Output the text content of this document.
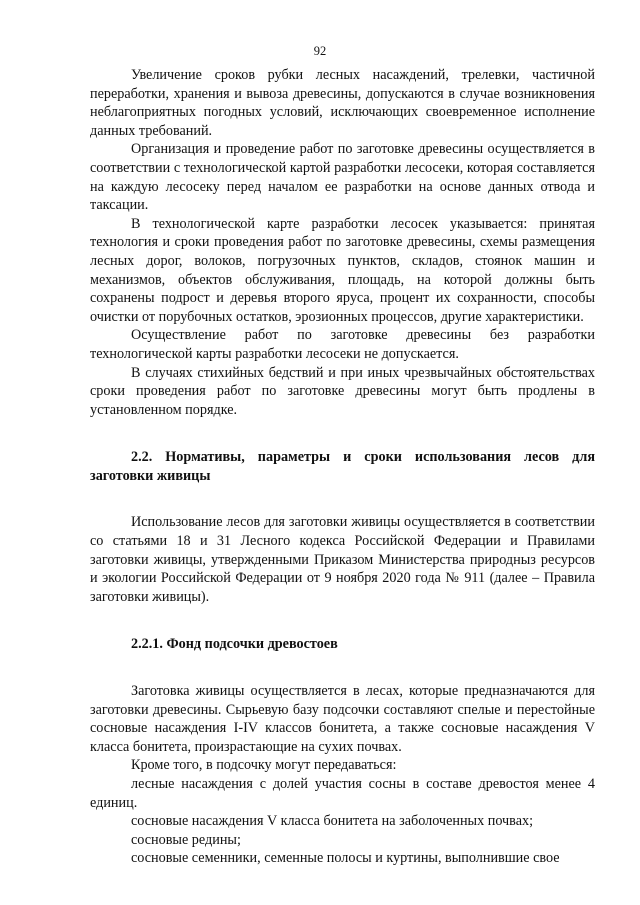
92

Увеличение сроков рубки лесных насаждений, трелевки, частичной переработки, хранения и вывоза древесины, допускаются в случае возникновения неблагоприятных погодных условий, исключающих своевременное исполнение данных требований.

Организация и проведение работ по заготовке древесины осуществляется в соответствии с технологической картой разработки лесосеки, которая составляется на каждую лесосеку перед началом ее разработки на основе данных отвода и таксации.

В технологической карте разработки лесосек указывается: принятая технология и сроки проведения работ по заготовке древесины, схемы размещения лесных дорог, волоков, погрузочных пунктов, складов, стоянок машин и механизмов, объектов обслуживания, площадь, на которой должны быть сохранены подрост и деревья второго яруса, процент их сохранности, способы очистки от порубочных остатков, эрозионных процессов, другие характеристики.

Осуществление работ по заготовке древесины без разработки технологической карты разработки лесосеки не допускается.

В случаях стихийных бедствий и при иных чрезвычайных обстоятельствах сроки проведения работ по заготовке древесины могут быть продлены в установленном порядке.

2.2. Нормативы, параметры и сроки использования лесов для заготовки живицы

Использование лесов для заготовки живицы осуществляется в соответствии со статьями 18 и 31 Лесного кодекса Российской Федерации и Правилами заготовки живицы, утвержденными Приказом Министерства природныз ресурсов и экологии Российской Федерации от 9 ноября 2020 года № 911 (далее – Правила заготовки живицы).

2.2.1. Фонд подсочки древостоев

Заготовка живицы осуществляется в лесах, которые предназначаются для заготовки древесины. Сырьевую базу подсочки составляют спелые и перестойные сосновые насаждения I-IV классов бонитета, а также сосновые насаждения V класса бонитета, произрастающие на сухих почвах.

Кроме того, в подсочку могут передаваться:

лесные насаждения с долей участия сосны в составе древостоя менее 4 единиц.

сосновые насаждения V класса бонитета на заболоченных почвах;

сосновые редины;

сосновые семенники, семенные полосы и куртины, выполнившие свое
